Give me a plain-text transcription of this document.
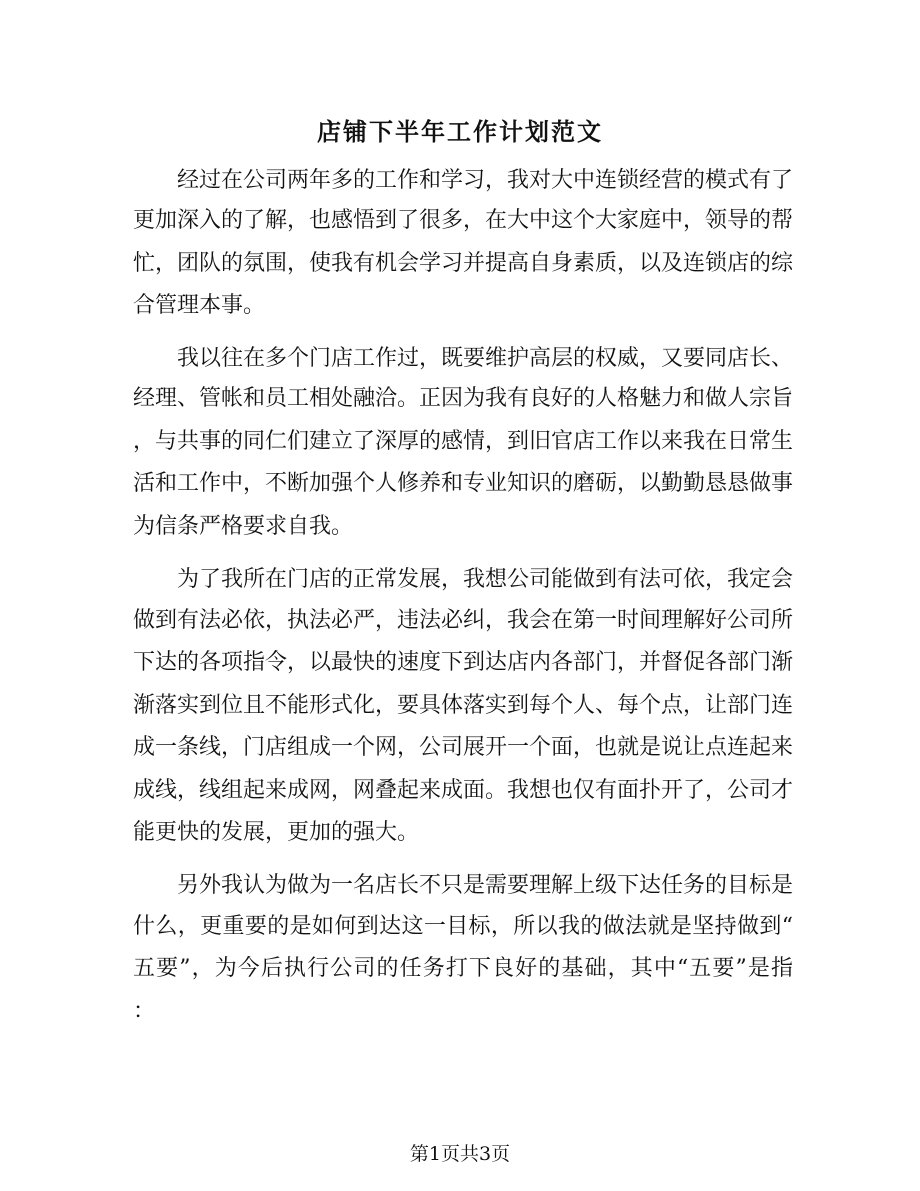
店铺下半年工作计划范文
经过在公司两年多的工作和学习，我对大中连锁经营的模式有了
更加深入的了解，也感悟到了很多，在大中这个大家庭中，领导的帮
忙，团队的氛围，使我有机会学习并提高自身素质，以及连锁店的综
合管理本事。
我以往在多个门店工作过，既要维护高层的权威，又要同店长、
经理、管帐和员工相处融洽。正因为我有良好的人格魅力和做人宗旨
，与共事的同仁们建立了深厚的感情，到旧官店工作以来我在日常生
活和工作中，不断加强个人修养和专业知识的磨砺，以勤勤恳恳做事
为信条严格要求自我。
为了我所在门店的正常发展，我想公司能做到有法可依，我定会
做到有法必依，执法必严，违法必纠，我会在第一时间理解好公司所
下达的各项指令，以最快的速度下到达店内各部门，并督促各部门渐
渐落实到位且不能形式化，要具体落实到每个人、每个点，让部门连
成一条线，门店组成一个网，公司展开一个面，也就是说让点连起来
成线，线组起来成网，网叠起来成面。我想也仅有面扑开了，公司才
能更快的发展，更加的强大。
另外我认为做为一名店长不只是需要理解上级下达任务的目标是
什么，更重要的是如何到达这一目标，所以我的做法就是坚持做到“
五要”，为今后执行公司的任务打下良好的基础，其中“五要”是指
：
第1页共3页
